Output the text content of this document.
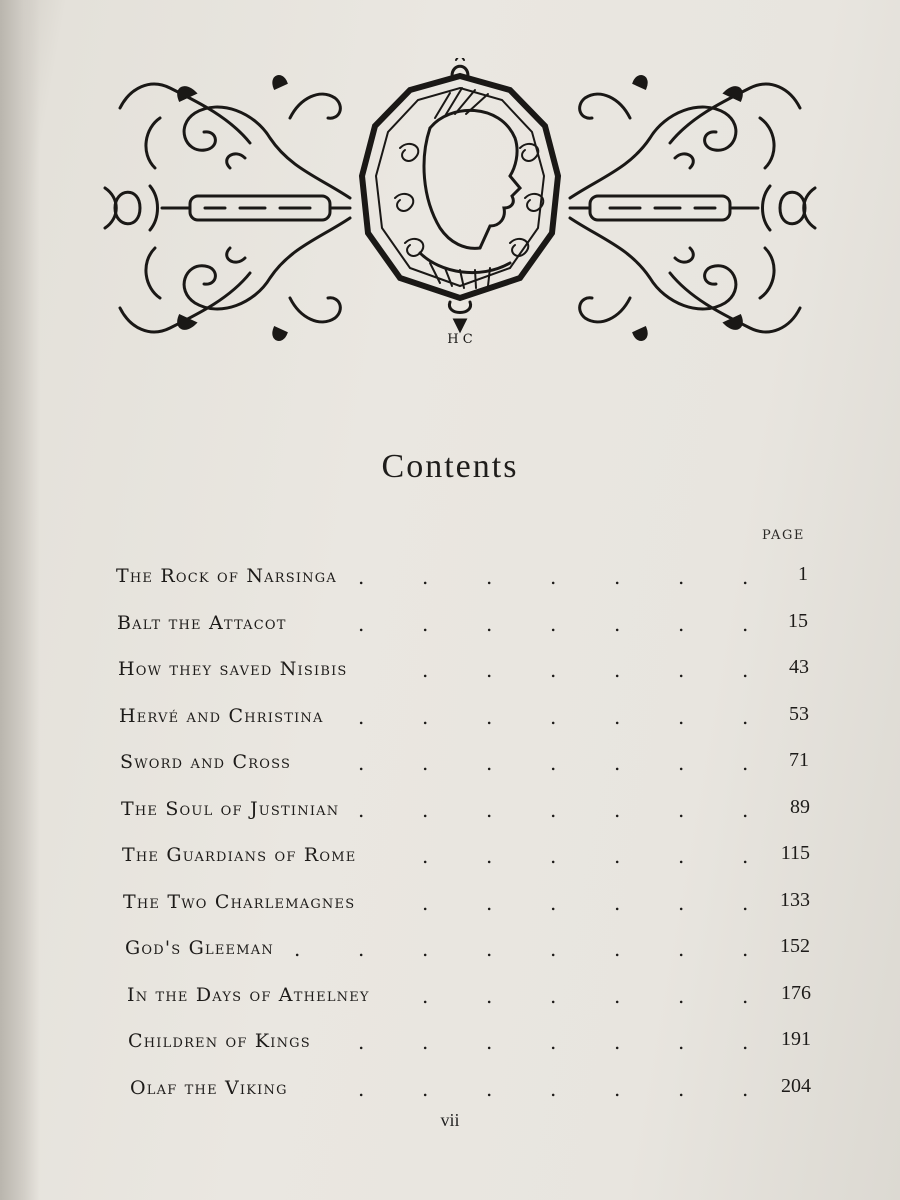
H C
Contents
PAGE
The Rock of Narsinga .	.	.	.	.	.	.	1
Balt the Attacot	.	.	.	.	.	.	.	15
How they saved Nisibis	.	.	.	.	.	.	43
Hervé and Christina .	.	.	.	.	.	.	53
Sword and Cross	.	.	.	.	.	.	.	71
The Soul of Justinian .	.	.	.	.	.	.	89
The Guardians of Rome	.	.	.	.	.	.	115
The Two Charlemagnes	.	.	.	.	.	.	133
God's Gleeman .	.	.	.	.	.	.	.	152
In the Days of Athelney	.	.	.	.	.	.	176
Children of Kings .	.	.	.	.	.	.	191
Olaf the Viking	.	.	.	.	.	.	.	204
vii
